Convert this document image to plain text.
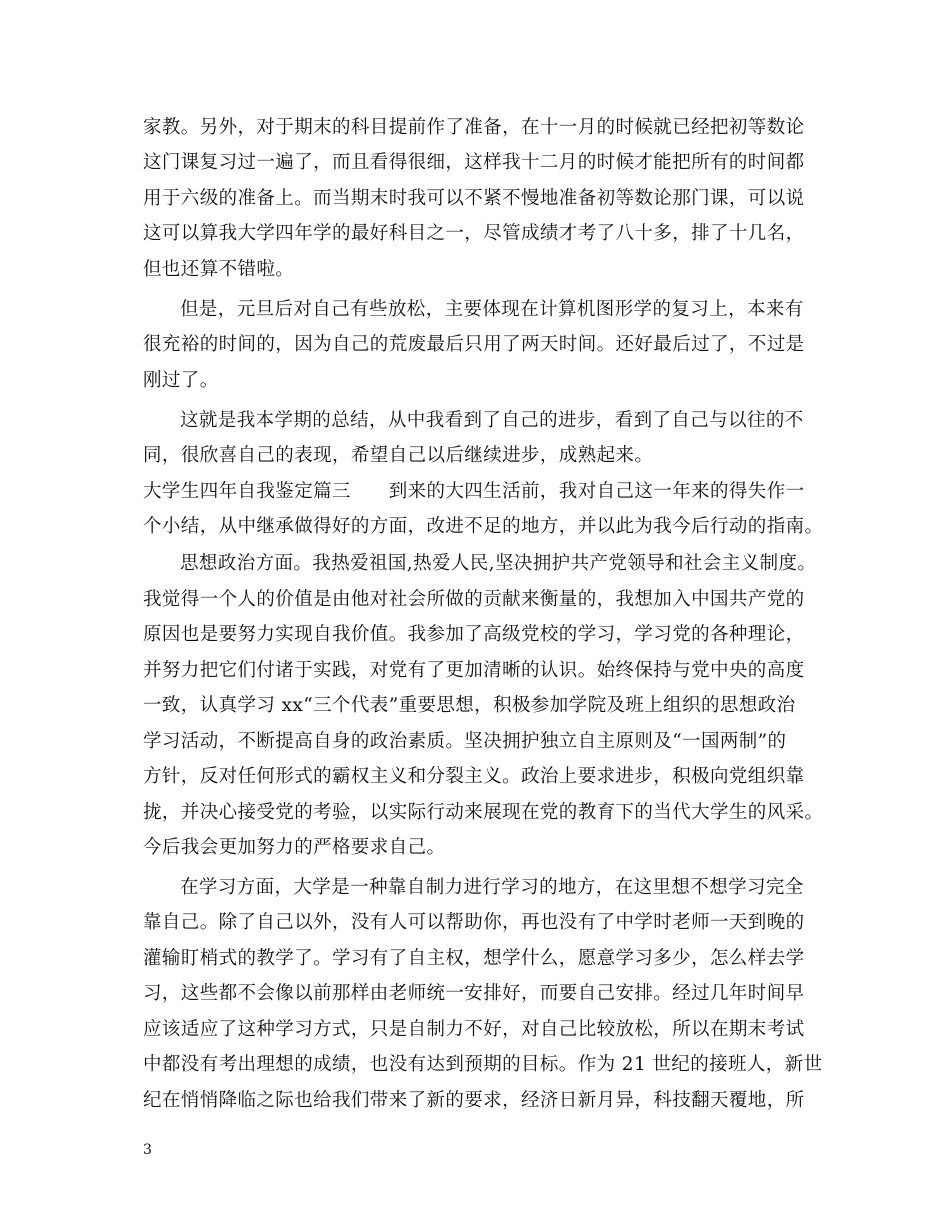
家教。另外，对于期末的科目提前作了准备，在十一月的时候就已经把初等数论

这门课复习过一遍了，而且看得很细，这样我十二月的时候才能把所有的时间都

用于六级的准备上。而当期末时我可以不紧不慢地准备初等数论那门课，可以说

这可以算我大学四年学的最好科目之一，尽管成绩才考了八十多，排了十几名，

但也还算不错啦。

但是，元旦后对自己有些放松，主要体现在计算机图形学的复习上，本来有

很充裕的时间的，因为自己的荒废最后只用了两天时间。还好最后过了，不过是

刚过了。

这就是我本学期的总结，从中我看到了自己的进步，看到了自己与以往的不

同，很欣喜自己的表现，希望自己以后继续进步，成熟起来。

大学生四年自我鉴定篇三　　到来的大四生活前，我对自己这一年来的得失作一

个小结，从中继承做得好的方面，改进不足的地方，并以此为我今后行动的指南。

思想政治方面。我热爱祖国,热爱人民,坚决拥护共产党领导和社会主义制度。

我觉得一个人的价值是由他对社会所做的贡献来衡量的，我想加入中国共产党的

原因也是要努力实现自我价值。我参加了高级党校的学习，学习党的各种理论，

并努力把它们付诸于实践，对党有了更加清晰的认识。始终保持与党中央的高度

一致，认真学习 xx“三个代表”重要思想，积极参加学院及班上组织的思想政治

学习活动，不断提高自身的政治素质。坚决拥护独立自主原则及“一国两制”的

方针，反对任何形式的霸权主义和分裂主义。政治上要求进步，积极向党组织靠

拢，并决心接受党的考验，以实际行动来展现在党的教育下的当代大学生的风采。

今后我会更加努力的严格要求自己。

在学习方面，大学是一种靠自制力进行学习的地方，在这里想不想学习完全

靠自己。除了自己以外，没有人可以帮助你，再也没有了中学时老师一天到晚的

灌输盯梢式的教学了。学习有了自主权，想学什么，愿意学习多少，怎么样去学

习，这些都不会像以前那样由老师统一安排好，而要自己安排。经过几年时间早

应该适应了这种学习方式，只是自制力不好，对自己比较放松，所以在期末考试

中都没有考出理想的成绩，也没有达到预期的目标。作为 21 世纪的接班人，新世

纪在悄悄降临之际也给我们带来了新的要求，经济日新月异，科技翻天覆地，所

3
